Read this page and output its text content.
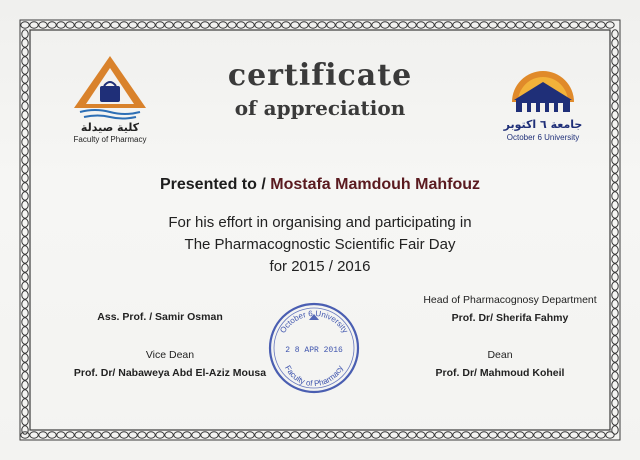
كلية صيدلة
Faculty of Pharmacy
جامعة ٦ اكتوبر
October 6 University
certificate
of appreciation
Presented to / Mostafa Mamdouh Mahfouz
For his effort in organising and participating in
The Pharmacognostic Scientific Fair Day
for 2015 / 2016
Ass. Prof. / Samir Osman
Vice Dean
Prof. Dr/ Nabaweya Abd El-Aziz Mousa
Head of Pharmacognosy Department
Prof. Dr/ Sherifa Fahmy
Dean
Prof. Dr/ Mahmoud Koheil
October 6 University
2 8 APR 2016
Faculty of Pharmacy
